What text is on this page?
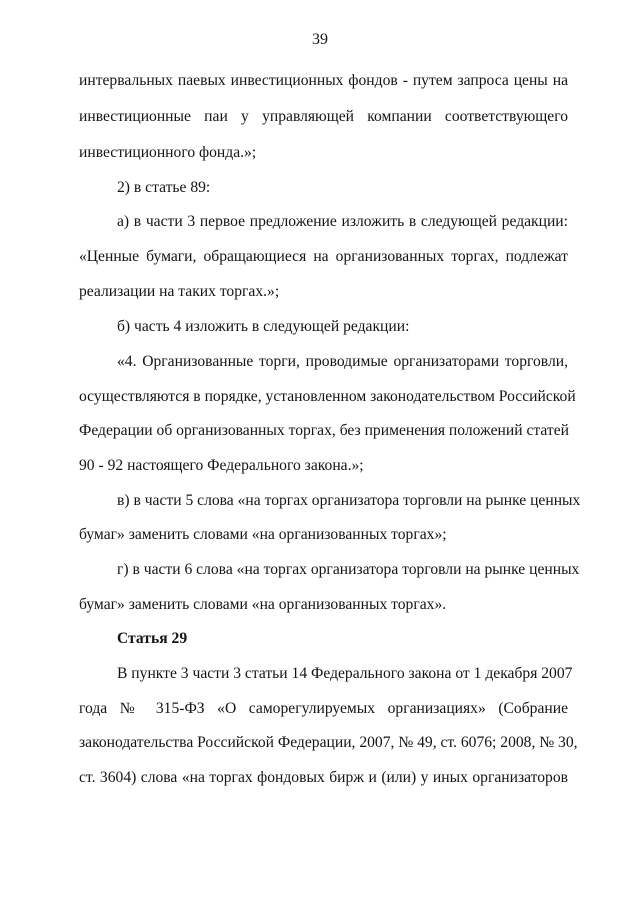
39
интервальных паевых инвестиционных фондов - путем запроса цены на
инвестиционные паи у управляющей компании соответствующего
инвестиционного фонда.»;
2) в статье 89:
а) в части 3 первое предложение изложить в следующей редакции:
«Ценные бумаги, обращающиеся на организованных торгах, подлежат
реализации на таких торгах.»;
б) часть 4 изложить в следующей редакции:
«4. Организованные торги, проводимые организаторами торговли,
осуществляются в порядке, установленном законодательством Российской
Федерации об организованных торгах, без применения положений статей
90 - 92 настоящего Федерального закона.»;
в) в части 5 слова «на торгах организатора торговли на рынке ценных
бумаг» заменить словами «на организованных торгах»;
г) в части 6 слова «на торгах организатора торговли на рынке ценных
бумаг» заменить словами «на организованных торгах».
Статья 29
В пункте 3 части 3 статьи 14 Федерального закона от 1 декабря 2007
года № 315-ФЗ «О саморегулируемых организациях» (Собрание
законодательства Российской Федерации, 2007, № 49, ст. 6076; 2008, № 30,
ст. 3604) слова «на торгах фондовых бирж и (или) у иных организаторов
